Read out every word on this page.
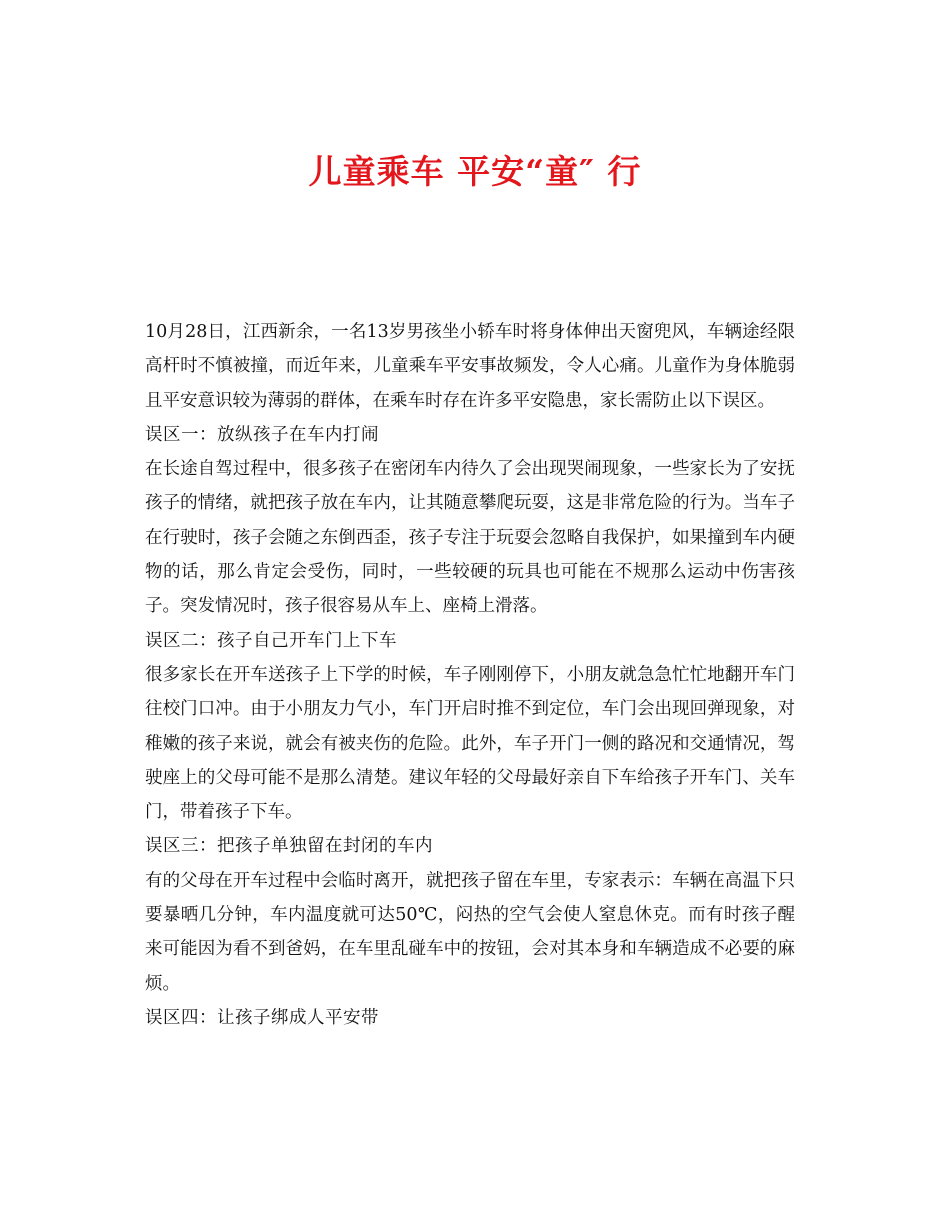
儿童乘车 平安“童″ 行

10月28日，江西新余，一名13岁男孩坐小轿车时将身体伸出天窗兜风，车辆途经限高杆时不慎被撞，而近年来，儿童乘车平安事故频发，令人心痛。儿童作为身体脆弱且平安意识较为薄弱的群体，在乘车时存在许多平安隐患，家长需防止以下误区。

误区一：放纵孩子在车内打闹

在长途自驾过程中，很多孩子在密闭车内待久了会出现哭闹现象，一些家长为了安抚孩子的情绪，就把孩子放在车内，让其随意攀爬玩耍，这是非常危险的行为。当车子在行驶时，孩子会随之东倒西歪，孩子专注于玩耍会忽略自我保护，如果撞到车内硬物的话，那么肯定会受伤，同时，一些较硬的玩具也可能在不规那么运动中伤害孩子。突发情况时，孩子很容易从车上、座椅上滑落。

误区二：孩子自己开车门上下车

很多家长在开车送孩子上下学的时候，车子刚刚停下，小朋友就急急忙忙地翻开车门往校门口冲。由于小朋友力气小，车门开启时推不到定位，车门会出现回弹现象，对稚嫩的孩子来说，就会有被夹伤的危险。此外，车子开门一侧的路况和交通情况，驾驶座上的父母可能不是那么清楚。建议年轻的父母最好亲自下车给孩子开车门、关车门，带着孩子下车。

误区三：把孩子单独留在封闭的车内

有的父母在开车过程中会临时离开，就把孩子留在车里，专家表示：车辆在高温下只要暴晒几分钟，车内温度就可达50℃，闷热的空气会使人窒息休克。而有时孩子醒来可能因为看不到爸妈，在车里乱碰车中的按钮，会对其本身和车辆造成不必要的麻烦。

误区四：让孩子绑成人平安带
